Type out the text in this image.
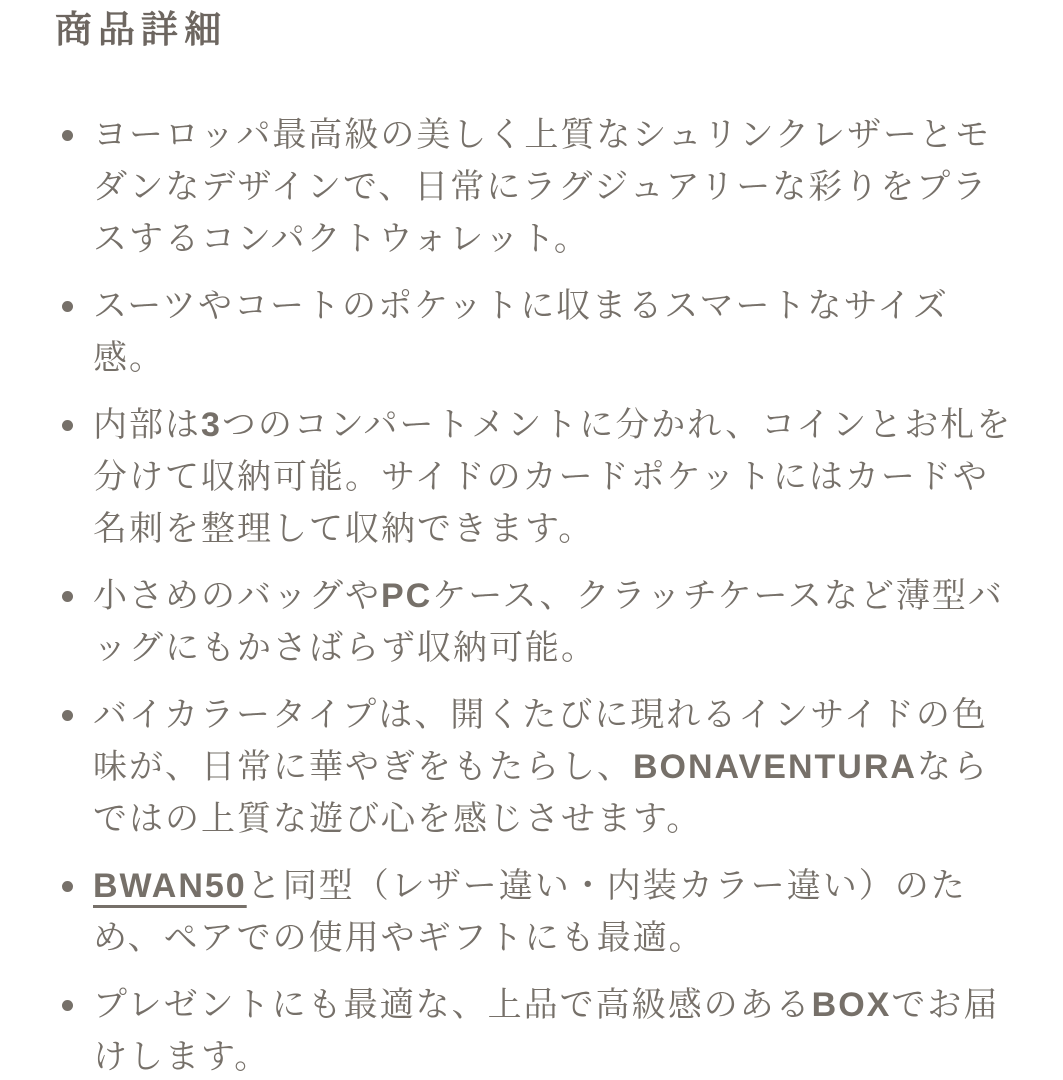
商品詳細
ヨーロッパ最高級の美しく上質なシュリンクレザーとモダンなデザインで、日常にラグジュアリーな彩りをプラスするコンパクトウォレット。
スーツやコートのポケットに収まるスマートなサイズ感。
内部は3つのコンパートメントに分かれ、コインとお札を分けて収納可能。サイドのカードポケットにはカードや名刺を整理して収納できます。
小さめのバッグやPCケース、クラッチケースなど薄型バッグにもかさばらず収納可能。
バイカラータイプは、開くたびに現れるインサイドの色味が、日常に華やぎをもたらし、BONAVENTURAならではの上質な遊び心を感じさせます。
BWAN50と同型（レザー違い・内装カラー違い）のため、ペアでの使用やギフトにも最適。
プレゼントにも最適な、上品で高級感のあるBOXでお届けします。
